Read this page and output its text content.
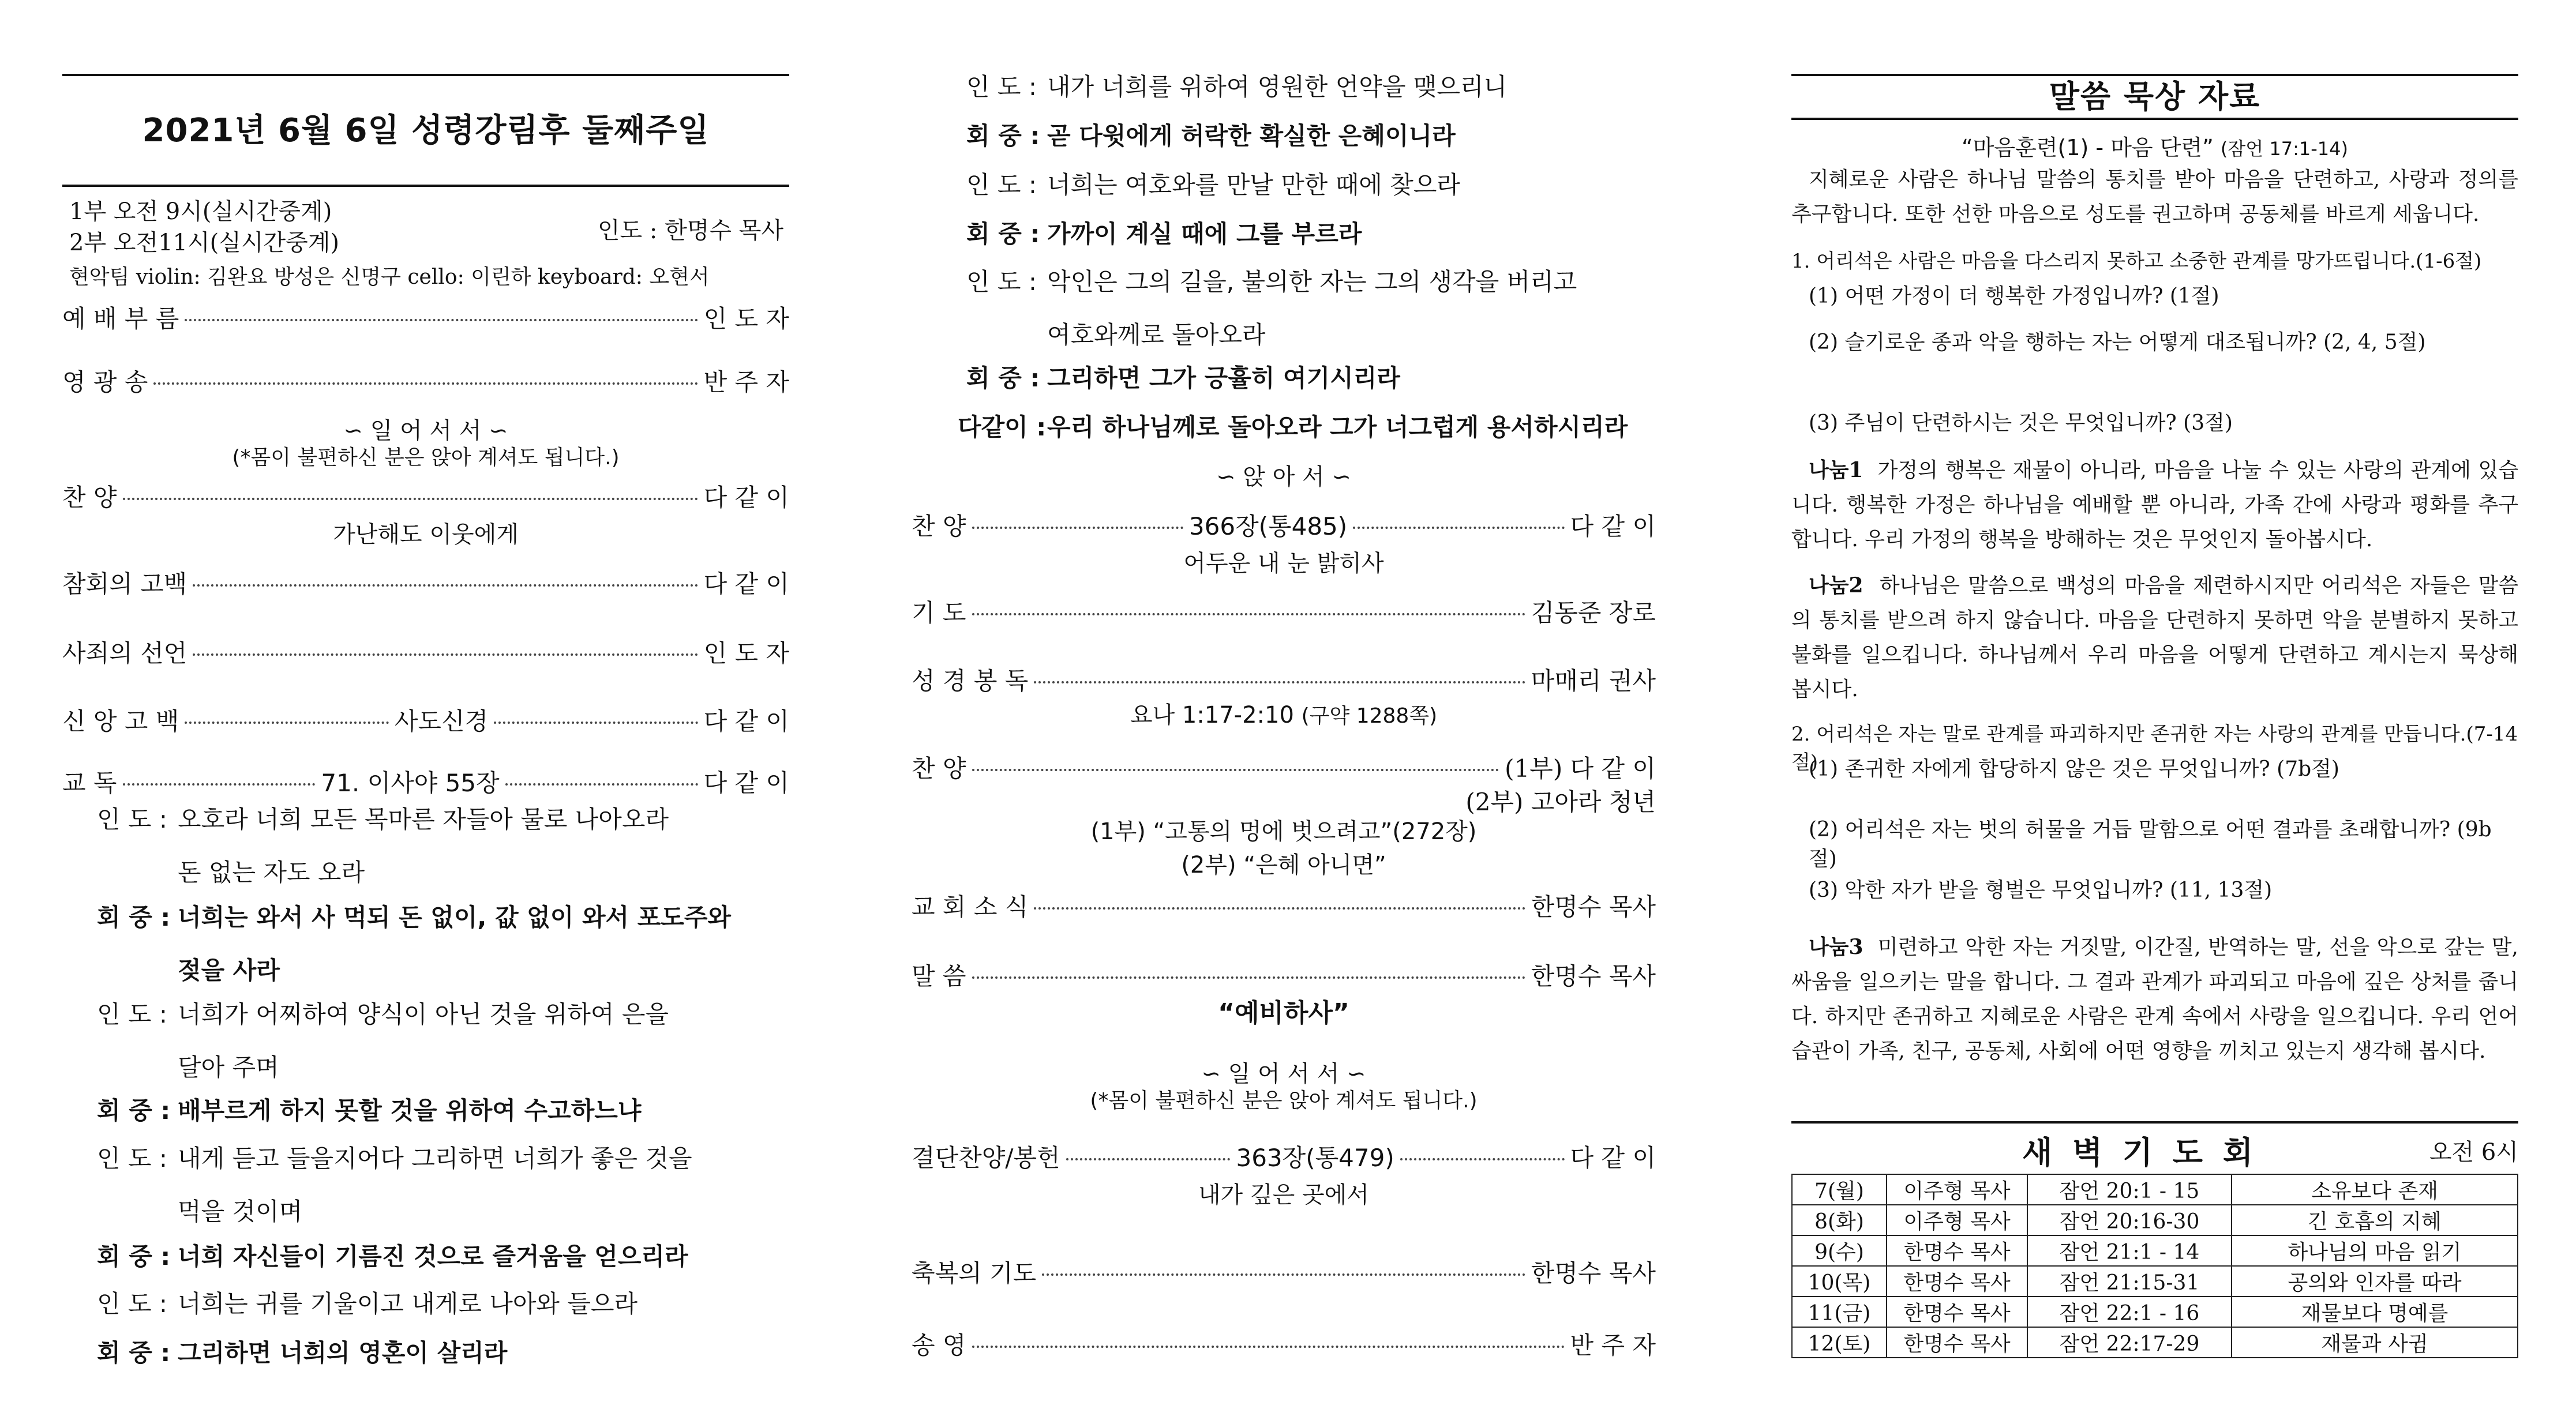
2021년 6월 6일 성령강림후 둘째주일
1부 오전 9시(실시간중계)
2부 오전11시(실시간중계)	인도 : 한명수 목사
현악팀 violin: 김완요 방성은 신명구 cello: 이린하 keyboard: 오현서
예 배 부 름	인 도 자
영 광 송	반 주 자
∽ 일 어 서 서 ∽
(*몸이 불편하신 분은 앉아 계셔도 됩니다.)
찬 양	다 같 이
가난해도 이웃에게
참회의 고백	다 같 이
사죄의 선언	인 도 자
신 앙 고 백	사도신경	다 같 이
교 독	71. 이사야 55장	다 같 이
인 도 : 오호라 너희 모든 목마른 자들아 물로 나아오라
돈 없는 자도 오라
회 중 : 너희는 와서 사 먹되 돈 없이, 값 없이 와서 포도주와
젖을 사라
인 도 : 너희가 어찌하여 양식이 아닌 것을 위하여 은을
달아 주며
회 중 : 배부르게 하지 못할 것을 위하여 수고하느냐
인 도 : 내게 듣고 들을지어다 그리하면 너희가 좋은 것을
먹을 것이며
회 중 : 너희 자신들이 기름진 것으로 즐거움을 얻으리라
인 도 : 너희는 귀를 기울이고 내게로 나아와 들으라
회 중 : 그리하면 너희의 영혼이 살리라
인 도 : 내가 너희를 위하여 영원한 언약을 맺으리니
회 중 : 곧 다윗에게 허락한 확실한 은혜이니라
인 도 : 너희는 여호와를 만날 만한 때에 찾으라
회 중 : 가까이 계실 때에 그를 부르라
인 도 : 악인은 그의 길을, 불의한 자는 그의 생각을 버리고
여호와께로 돌아오라
회 중 : 그리하면 그가 긍휼히 여기시리라
다같이 :우리 하나님께로 돌아오라 그가 너그럽게 용서하시리라
∽ 앉 아 서 ∽
찬 양	366장(통485)	다 같 이
어두운 내 눈 밝히사
기 도	김동준 장로
성 경 봉 독	마매리 권사
요나 1:17-2:10 (구약 1288쪽)
찬 양	(1부) 다 같 이
(2부) 고아라 청년
(1부) “고통의 멍에 벗으려고”(272장)
(2부) “은혜 아니면”
교 회 소 식	한명수 목사
말 씀	한명수 목사
“예비하사”
∽ 일 어 서 서 ∽
(*몸이 불편하신 분은 앉아 계셔도 됩니다.)
결단찬양/봉헌	363장(통479)	다 같 이
내가 깊은 곳에서
축복의 기도	한명수 목사
송 영	반 주 자
말씀 묵상 자료
“마음훈련(1) - 마음 단련” (잠언 17:1-14)
지혜로운 사람은 하나님 말씀의 통치를 받아 마음을 단련하고, 사랑과 정의를 추구합니다. 또한 선한 마음으로 성도를 권고하며 공동체를 바르게 세웁니다.
1. 어리석은 사람은 마음을 다스리지 못하고 소중한 관계를 망가뜨립니다.(1-6절)
(1) 어떤 가정이 더 행복한 가정입니까? (1절)
(2) 슬기로운 종과 악을 행하는 자는 어떻게 대조됩니까? (2, 4, 5절)
(3) 주님이 단련하시는 것은 무엇입니까? (3절)
나눔1 가정의 행복은 재물이 아니라, 마음을 나눌 수 있는 사랑의 관계에 있습니다. 행복한 가정은 하나님을 예배할 뿐 아니라, 가족 간에 사랑과 평화를 추구합니다. 우리 가정의 행복을 방해하는 것은 무엇인지 돌아봅시다.
나눔2 하나님은 말씀으로 백성의 마음을 제련하시지만 어리석은 자들은 말씀의 통치를 받으려 하지 않습니다. 마음을 단련하지 못하면 악을 분별하지 못하고 불화를 일으킵니다. 하나님께서 우리 마음을 어떻게 단련하고 계시는지 묵상해 봅시다.
2. 어리석은 자는 말로 관계를 파괴하지만 존귀한 자는 사랑의 관계를 만듭니다.(7-14절)
(1) 존귀한 자에게 합당하지 않은 것은 무엇입니까? (7b절)
(2) 어리석은 자는 벗의 허물을 거듭 말함으로 어떤 결과를 초래합니까? (9b절)
(3) 악한 자가 받을 형벌은 무엇입니까? (11, 13절)
나눔3 미련하고 악한 자는 거짓말, 이간질, 반역하는 말, 선을 악으로 갚는 말, 싸움을 일으키는 말을 합니다. 그 결과 관계가 파괴되고 마음에 깊은 상처를 줍니다. 하지만 존귀하고 지혜로운 사람은 관계 속에서 사랑을 일으킵니다. 우리 언어 습관이 가족, 친구, 공동체, 사회에 어떤 영향을 끼치고 있는지 생각해 봅시다.
새 벽 기 도 회	오전 6시
7(월)	이주형 목사	잠언 20:1 - 15	소유보다 존재
8(화)	이주형 목사	잠언 20:16-30	긴 호흡의 지혜
9(수)	한명수 목사	잠언 21:1 - 14	하나님의 마음 읽기
10(목)	한명수 목사	잠언 21:15-31	공의와 인자를 따라
11(금)	한명수 목사	잠언 22:1 - 16	재물보다 명예를
12(토)	한명수 목사	잠언 22:17-29	재물과 사귐
